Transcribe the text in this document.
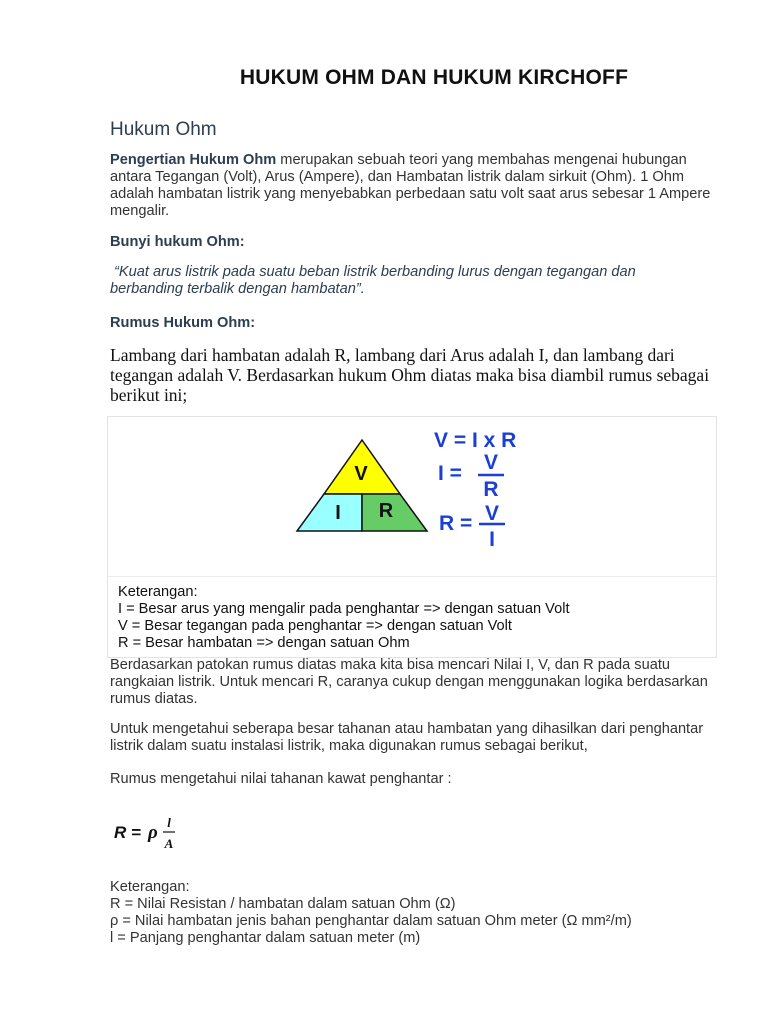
HUKUM OHM DAN HUKUM KIRCHOFF
Hukum Ohm
Pengertian Hukum Ohm merupakan sebuah teori yang membahas mengenai hubungan antara Tegangan (Volt), Arus (Ampere), dan Hambatan listrik dalam sirkuit (Ohm). 1 Ohm adalah hambatan listrik yang menyebabkan perbedaan satu volt saat arus sebesar 1 Ampere mengalir.
Bunyi hukum Ohm:
“Kuat arus listrik pada suatu beban listrik berbanding lurus dengan tegangan dan
berbanding terbalik dengan hambatan”.
Rumus Hukum Ohm:
Lambang dari hambatan adalah R, lambang dari Arus adalah I, dan lambang dari tegangan adalah V. Berdasarkan hukum Ohm diatas maka bisa diambil rumus sebagai berikut ini;
V
I R
V = I x R
I = V
R
R = V
I
Keterangan:
I = Besar arus yang mengalir pada penghantar => dengan satuan Volt
V = Besar tegangan pada penghantar => dengan satuan Volt
R = Besar hambatan => dengan satuan Ohm
Berdasarkan patokan rumus diatas maka kita bisa mencari Nilai I, V, dan R pada suatu rangkaian listrik. Untuk mencari R, caranya cukup dengan menggunakan logika berdasarkan rumus diatas.
Untuk mengetahui seberapa besar tahanan atau hambatan yang dihasilkan dari penghantar listrik dalam suatu instalasi listrik, maka digunakan rumus sebagai berikut,
Rumus mengetahui nilai tahanan kawat penghantar :
R = ρ l
A
Keterangan:
R = Nilai Resistan / hambatan dalam satuan Ohm (Ω)
ρ = Nilai hambatan jenis bahan penghantar dalam satuan Ohm meter (Ω mm²/m)
l = Panjang penghantar dalam satuan meter (m)
